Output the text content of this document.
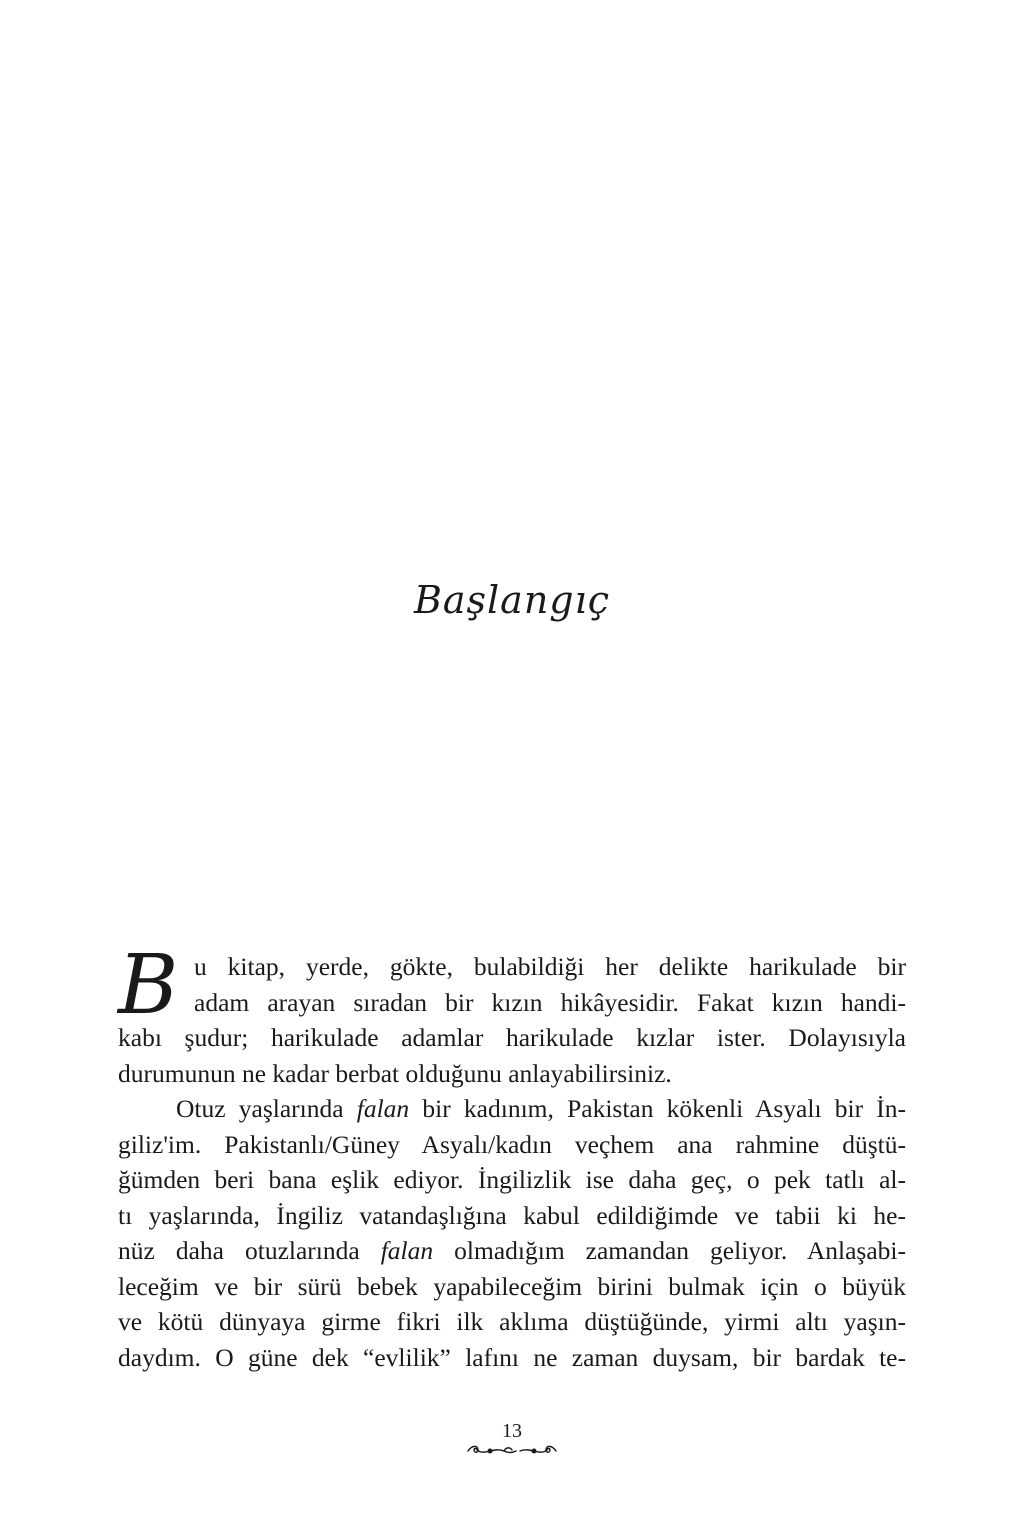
Başlangıç
B u kitap, yerde, gökte, bulabildiği her delikte harikulade bir
adam arayan sıradan bir kızın hikâyesidir. Fakat kızın handi-
kabı şudur; harikulade adamlar harikulade kızlar ister. Dolayısıyla
durumunun ne kadar berbat olduğunu anlayabilirsiniz.
Otuz yaşlarında falan bir kadınım, Pakistan kökenli Asyalı bir İn-
giliz'im. Pakistanlı/Güney Asyalı/kadın veçhem ana rahmine düştü-
ğümden beri bana eşlik ediyor. İngilizlik ise daha geç, o pek tatlı al-
tı yaşlarında, İngiliz vatandaşlığına kabul edildiğimde ve tabii ki he-
nüz daha otuzlarında falan olmadığım zamandan geliyor. Anlaşabi-
leceğim ve bir sürü bebek yapabileceğim birini bulmak için o büyük
ve kötü dünyaya girme fikri ilk aklıma düştüğünde, yirmi altı yaşın-
daydım. O güne dek “evlilik” lafını ne zaman duysam, bir bardak te-
13
